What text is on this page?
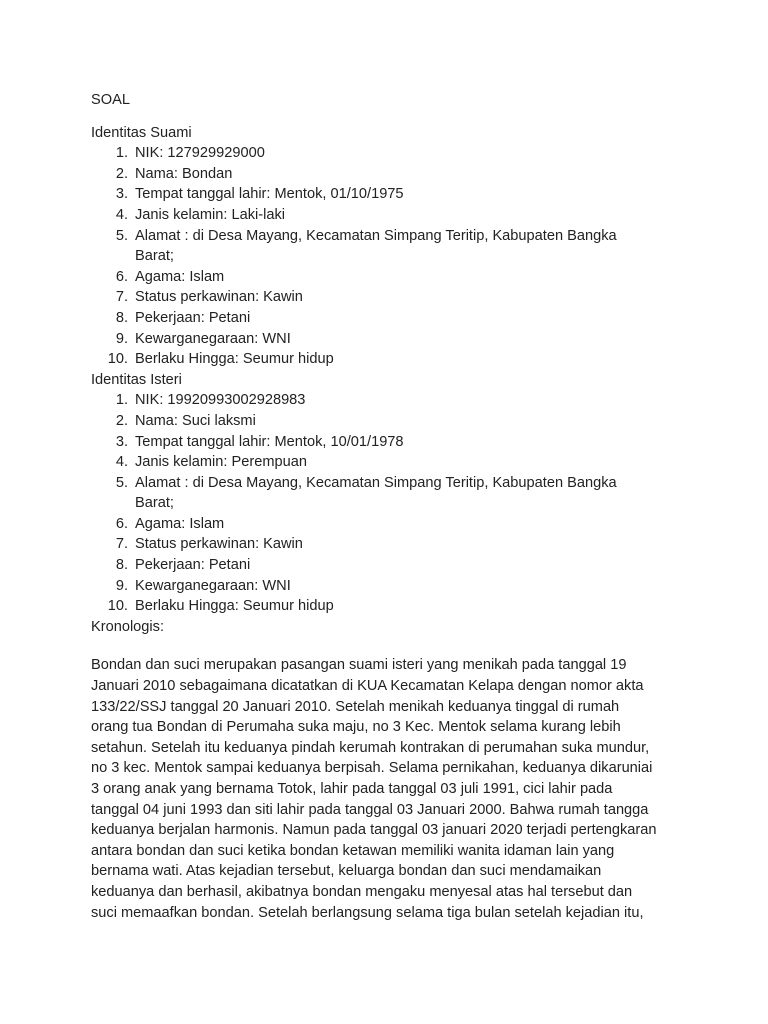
SOAL
Identitas Suami
1. NIK: 127929929000
2. Nama: Bondan
3. Tempat tanggal lahir: Mentok, 01/10/1975
4. Janis kelamin: Laki-laki
5. Alamat : di Desa Mayang, Kecamatan Simpang Teritip, Kabupaten Bangka
Barat;
6. Agama: Islam
7. Status perkawinan: Kawin
8. Pekerjaan: Petani
9. Kewarganegaraan: WNI
10. Berlaku Hingga: Seumur hidup
Identitas Isteri
1. NIK: 19920993002928983
2. Nama: Suci laksmi
3. Tempat tanggal lahir: Mentok, 10/01/1978
4. Janis kelamin: Perempuan
5. Alamat : di Desa Mayang, Kecamatan Simpang Teritip, Kabupaten Bangka
Barat;
6. Agama: Islam
7. Status perkawinan: Kawin
8. Pekerjaan: Petani
9. Kewarganegaraan: WNI
10. Berlaku Hingga: Seumur hidup
Kronologis:
Bondan dan suci merupakan pasangan suami isteri yang menikah pada tanggal 19
Januari 2010 sebagaimana dicatatkan di KUA Kecamatan Kelapa dengan nomor akta
133/22/SSJ tanggal 20 Januari 2010. Setelah menikah keduanya tinggal di rumah
orang tua Bondan di Perumaha suka maju, no 3 Kec. Mentok selama kurang lebih
setahun. Setelah itu keduanya pindah kerumah kontrakan di perumahan suka mundur,
no 3 kec. Mentok sampai keduanya berpisah. Selama pernikahan, keduanya dikaruniai
3 orang anak yang bernama Totok, lahir pada tanggal 03 juli 1991, cici lahir pada
tanggal 04 juni 1993 dan siti lahir pada tanggal 03 Januari 2000. Bahwa rumah tangga
keduanya berjalan harmonis. Namun pada tanggal 03 januari 2020 terjadi pertengkaran
antara bondan dan suci ketika bondan ketawan memiliki wanita idaman lain yang
bernama wati. Atas kejadian tersebut, keluarga bondan dan suci mendamaikan
keduanya dan berhasil, akibatnya bondan mengaku menyesal atas hal tersebut dan
suci memaafkan bondan. Setelah berlangsung selama tiga bulan setelah kejadian itu,
